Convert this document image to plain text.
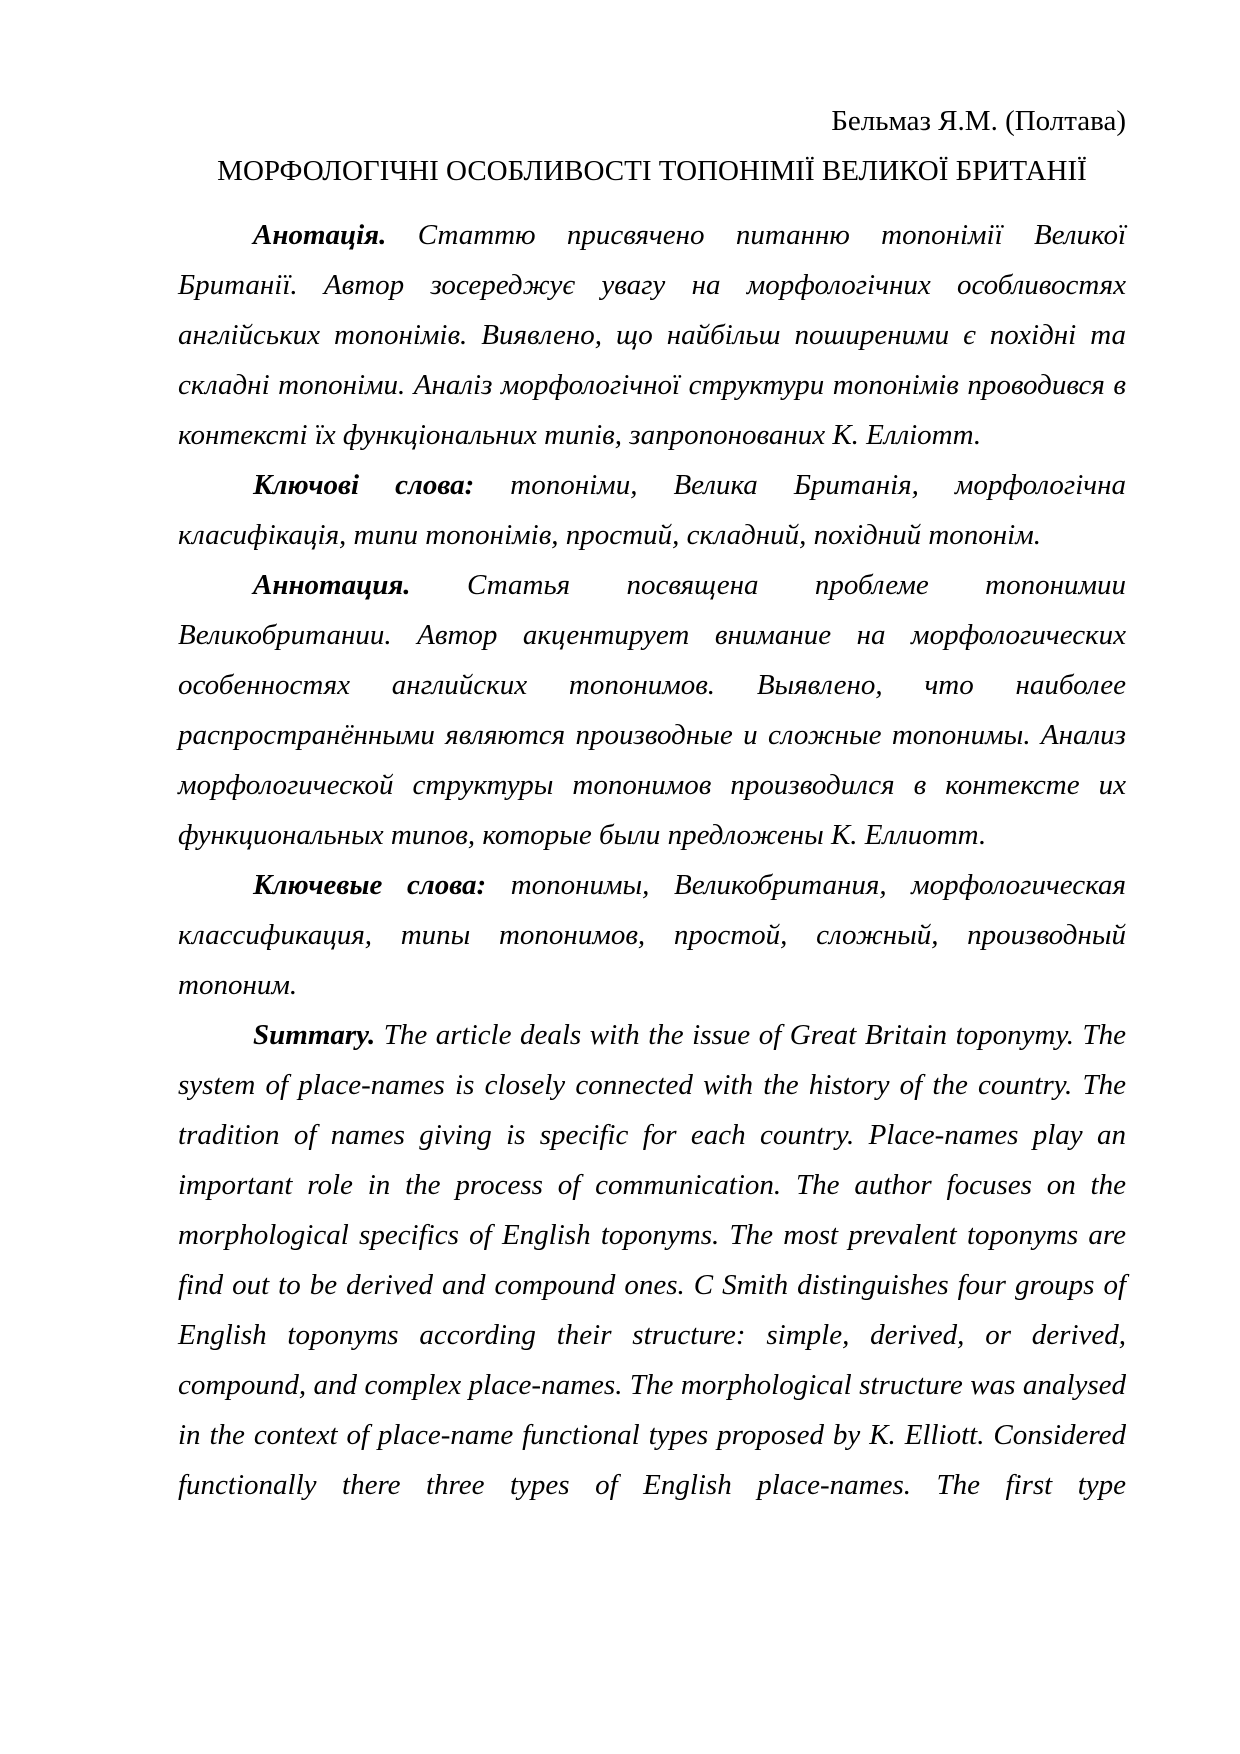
Бельмаз Я.М. (Полтава)
МОРФОЛОГІЧНІ ОСОБЛИВОСТІ ТОПОНІМІЇ ВЕЛИКОЇ БРИТАНІЇ

Анотація. Статтю присвячено питанню топонімії Великої Британії. Автор зосереджує увагу на морфологічних особливостях англійських топонімів. Виявлено, що найбільш поширеними є похідні та складні топоніми. Аналіз морфологічної структури топонімів проводився в контексті їх функціональних типів, запропонованих К. Елліотт.

Ключові слова: топоніми, Велика Британія, морфологічна класифікація, типи топонімів, простий, складний, похідний топонім.

Аннотация. Статья посвящена проблеме топонимии Великобритании. Автор акцентирует внимание на морфологических особенностях английских топонимов. Выявлено, что наиболее распространёнными являются производные и сложные топонимы. Анализ морфологической структуры топонимов производился в контексте их функциональных типов, которые были предложены К. Еллиотт.

Ключевые слова: топонимы, Великобритания, морфологическая классификация, типы топонимов, простой, сложный, производный топоним.

Summary. The article deals with the issue of Great Britain toponymy. The system of place-names is closely connected with the history of the country. The tradition of names giving is specific for each country. Place-names play an important role in the process of communication. The author focuses on the morphological specifics of English toponyms. The most prevalent toponyms are find out to be derived and compound ones. C Smith distinguishes four groups of English toponyms according their structure: simple, derived, or derived, compound, and complex place-names. The morphological structure was analysed in the context of place-name functional types proposed by K. Elliott. Considered functionally there three types of English place-names. The first type
